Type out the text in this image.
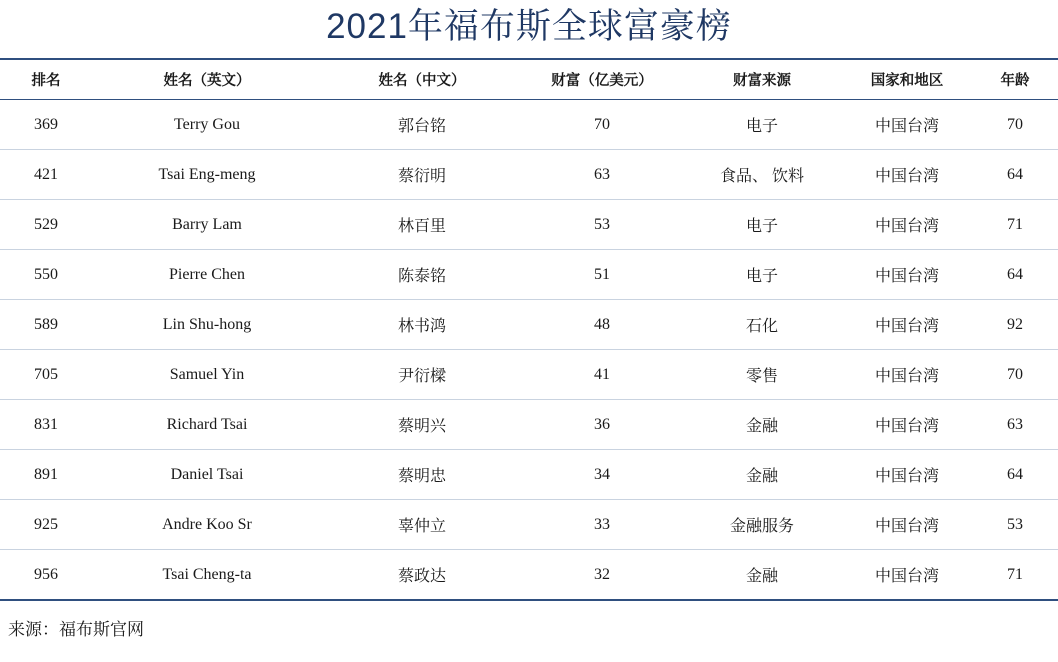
2021年福布斯全球富豪榜
排名	姓名（英文）	姓名（中文）	财富（亿美元）	财富来源	国家和地区	年龄
369	Terry Gou	郭台铭	70	电子	中国台湾	70
421	Tsai Eng-meng	蔡衍明	63	食品、 饮料	中国台湾	64
529	Barry Lam	林百里	53	电子	中国台湾	71
550	Pierre Chen	陈泰铭	51	电子	中国台湾	64
589	Lin Shu-hong	林书鸿	48	石化	中国台湾	92
705	Samuel Yin	尹衍樑	41	零售	中国台湾	70
831	Richard Tsai	蔡明兴	36	金融	中国台湾	63
891	Daniel Tsai	蔡明忠	34	金融	中国台湾	64
925	Andre Koo Sr	辜仲立	33	金融服务	中国台湾	53
956	Tsai Cheng-ta	蔡政达	32	金融	中国台湾	71
来源：福布斯官网
